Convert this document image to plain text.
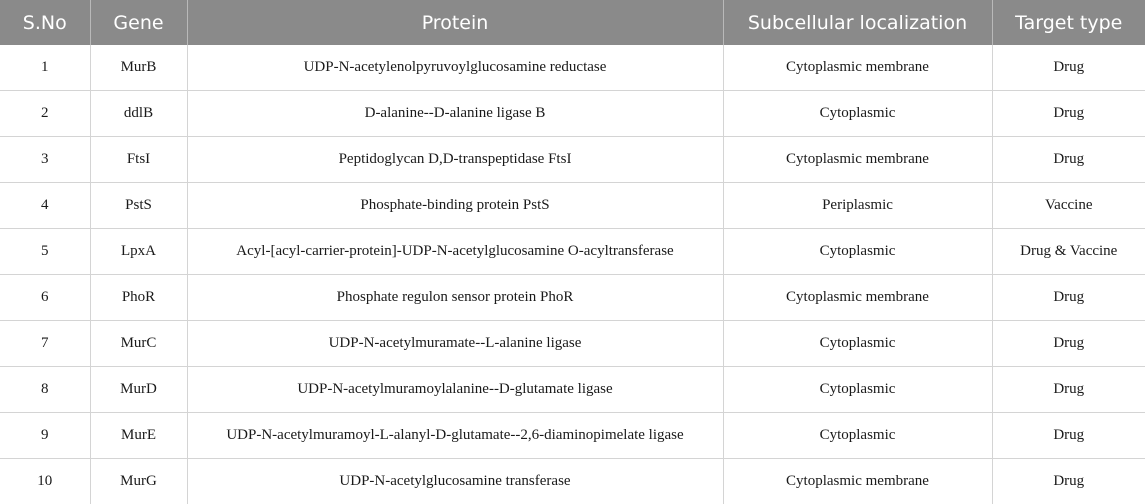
S.No	Gene	Protein	Subcellular localization	Target type
1	MurB	UDP-N-acetylenolpyruvoylglucosamine reductase	Cytoplasmic membrane	Drug
2	ddlB	D-alanine--D-alanine ligase B	Cytoplasmic	Drug
3	FtsI	Peptidoglycan D,D-transpeptidase FtsI	Cytoplasmic membrane	Drug
4	PstS	Phosphate-binding protein PstS	Periplasmic	Vaccine
5	LpxA	Acyl-[acyl-carrier-protein]-UDP-N-acetylglucosamine O-acyltransferase	Cytoplasmic	Drug & Vaccine
6	PhoR	Phosphate regulon sensor protein PhoR	Cytoplasmic membrane	Drug
7	MurC	UDP-N-acetylmuramate--L-alanine ligase	Cytoplasmic	Drug
8	MurD	UDP-N-acetylmuramoylalanine--D-glutamate ligase	Cytoplasmic	Drug
9	MurE	UDP-N-acetylmuramoyl-L-alanyl-D-glutamate--2,6-diaminopimelate ligase	Cytoplasmic	Drug
10	MurG	UDP-N-acetylglucosamine transferase	Cytoplasmic membrane	Drug
